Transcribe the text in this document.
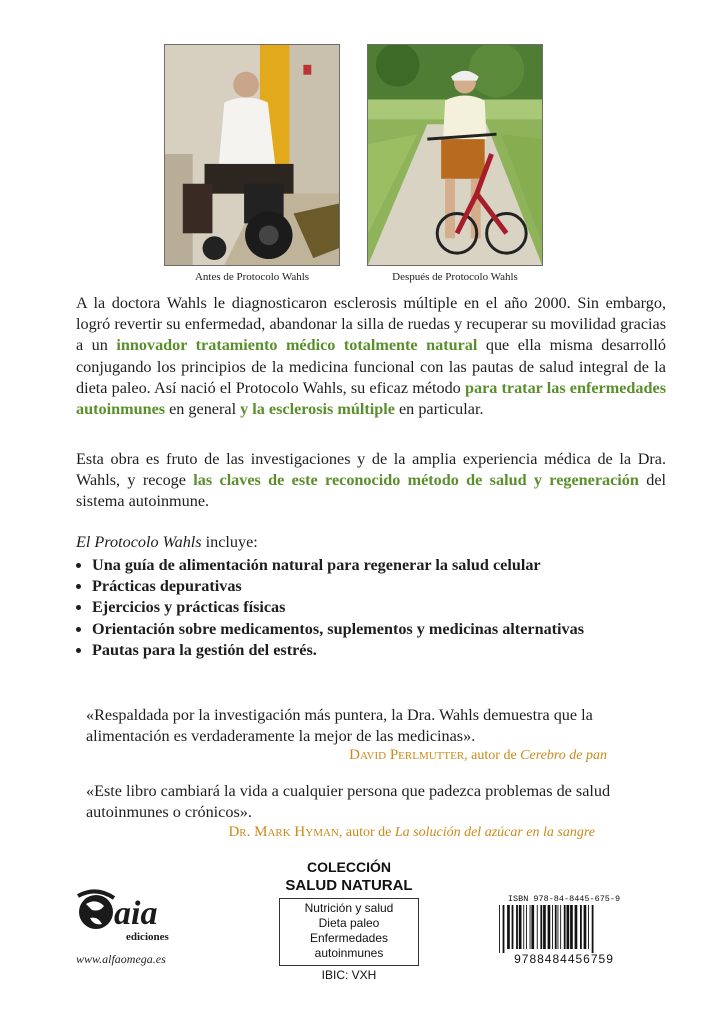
Antes de Protocolo Wahls	Después de Protocolo Wahls

A la doctora Wahls le diagnosticaron esclerosis múltiple en el año 2000. Sin embargo, logró revertir su enfermedad, abandonar la silla de ruedas y recuperar su movilidad gracias a un innovador tratamiento médico totalmente natural que ella misma desarrolló conjugando los principios de la medicina funcional con las pautas de salud integral de la dieta paleo. Así nació el Protocolo Wahls, su eficaz método para tratar las enfermedades autoinmunes en general y la esclerosis múltiple en particular.

Esta obra es fruto de las investigaciones y de la amplia experiencia médica de la Dra. Wahls, y recoge las claves de este reconocido método de salud y regeneración del sistema autoinmune.

El Protocolo Wahls incluye:

Una guía de alimentación natural para regenerar la salud celular
Prácticas depurativas
Ejercicios y prácticas físicas
Orientación sobre medicamentos, suplementos y medicinas alternativas
Pautas para la gestión del estrés.

«Respaldada por la investigación más puntera, la Dra. Wahls demuestra que la alimentación es verdaderamente la mejor de las medicinas».

David Perlmutter, autor de Cerebro de pan

«Este libro cambiará la vida a cualquier persona que padezca problemas de salud autoinmunes o crónicos».

Dr. Mark Hyman, autor de La solución del azúcar en la sangre
aia
ediciones
www.alfaomega.es
COLECCIÓN
SALUD NATURAL
Nutrición y salud
Dieta paleo
Enfermedades
autoinmunes
IBIC: VXH
ISBN 978-84-8445-675-9
9788484456759
